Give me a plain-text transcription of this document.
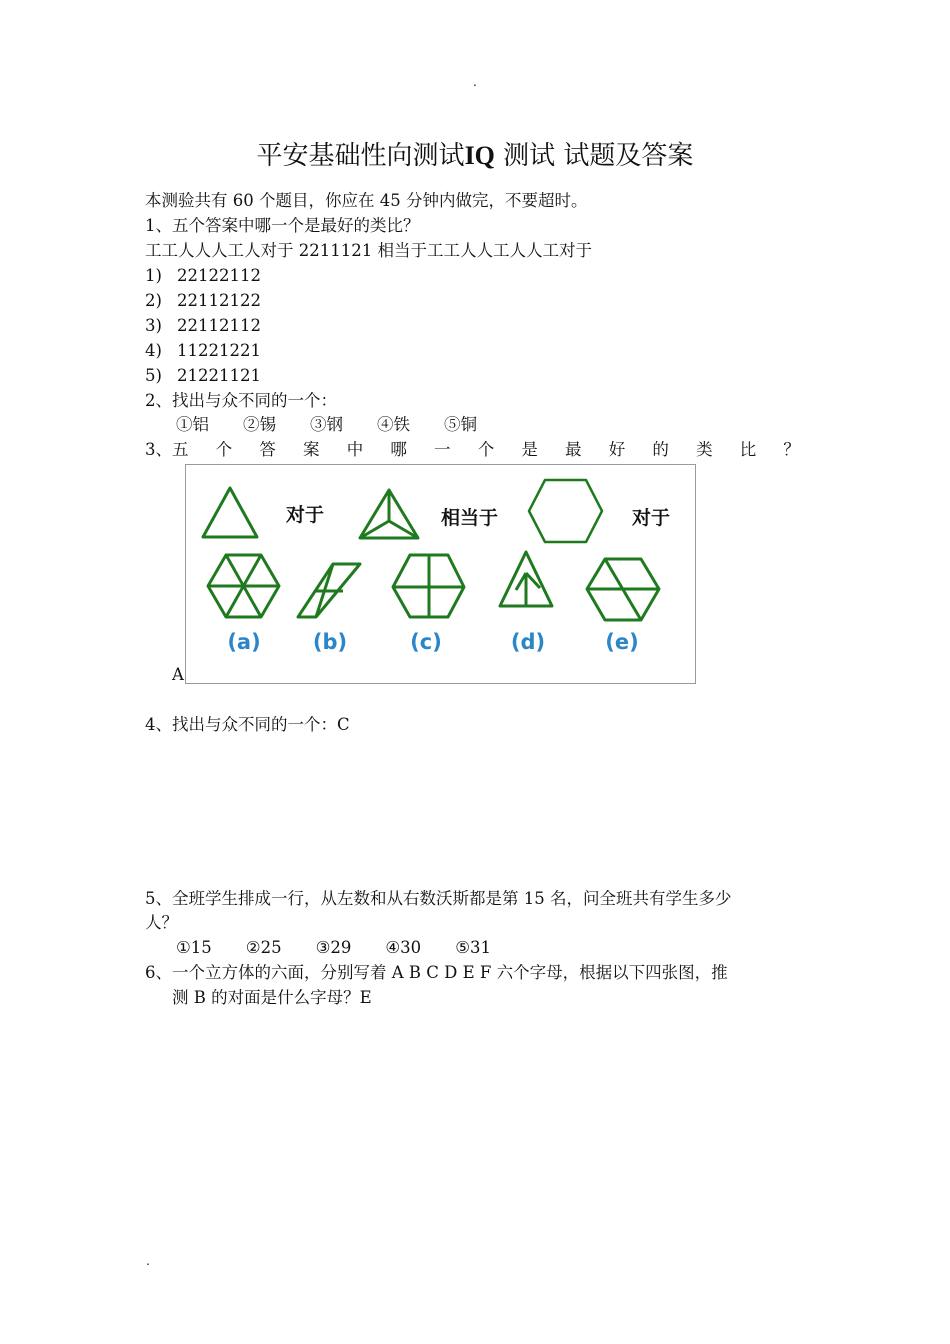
.
平安基础性向测试IQ 测试 试题及答案
本测验共有 60 个题目，你应在 45 分钟内做完，不要超时。
1、五个答案中哪一个是最好的类比？
工工人人人工人对于 2211121 相当于工工人人工人人工对于
1) 22122112
2) 22112122
3) 22112112
4) 11221221
5) 21221121
2、找出与众不同的一个：
①铝 ②锡 ③钢 ④铁 ⑤铜
3、五 个 答 案 中 哪 一 个 是 最 好 的 类 比 ？
对于	相当于	对于
(a) (b)	(c)	(d)	(e)
A
4、找出与众不同的一个：C
5、全班学生排成一行，从左数和从右数沃斯都是第 15 名，问全班共有学生多少
人？
①15 ②25 ③29 ④30 ⑤31
6、一个立方体的六面，分别写着 A B C D E F 六个字母，根据以下四张图，推
测 B 的对面是什么字母？E
.
